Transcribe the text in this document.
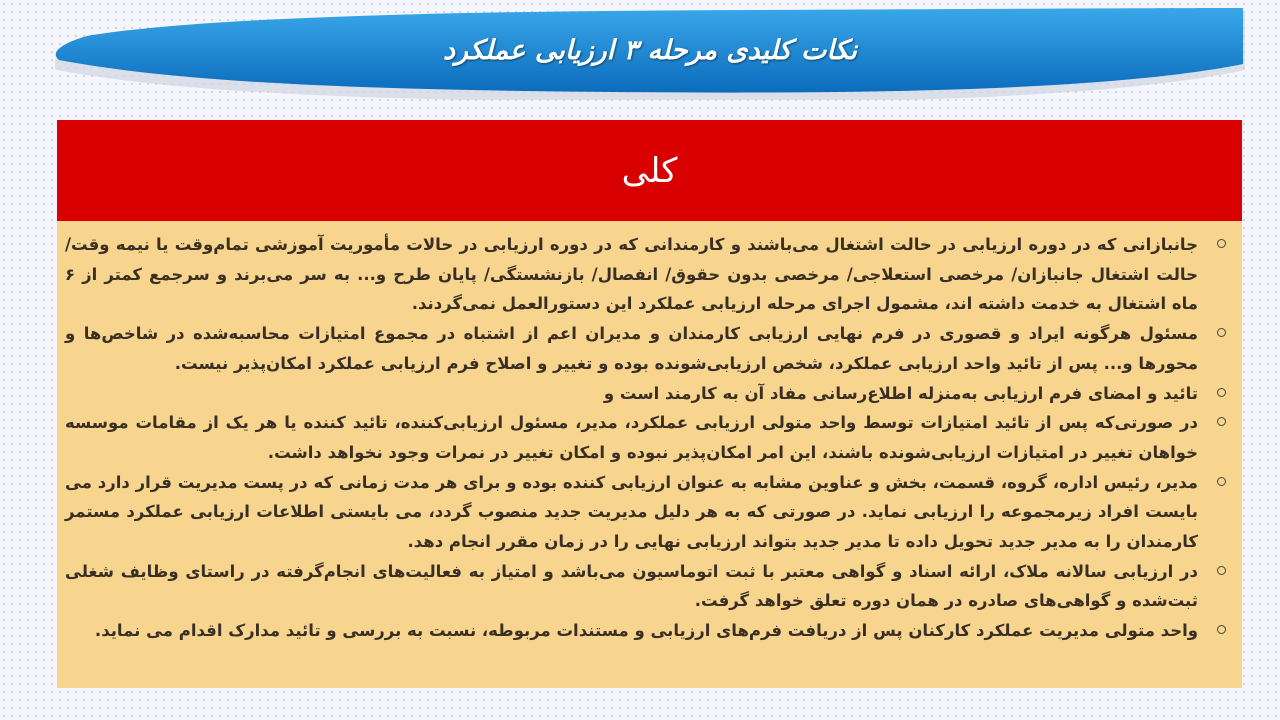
نکات کلیدی مرحله ۳ ارزیابی عملکرد
کلی
جانبازانی که در دوره ارزیابی در حالت اشتغال می‌باشند و کارمندانی که در دوره ارزیابی در حالات مأموریت آموزشی تمام‌وقت یا نیمه وقت/ حالت اشتغال جانبازان/ مرخصی استعلاجی/ مرخصی بدون حقوق/ انفصال/ بازنشستگی/ پایان طرح و... به سر می‌برند و سرجمع کمتر از ۶ ماه اشتغال به خدمت داشته اند، مشمول اجرای مرحله ارزیابی عملکرد این دستورالعمل نمی‌گردند.
مسئول هرگونه ایراد و قصوری در فرم نهایی ارزیابی کارمندان و مدیران اعم از اشتباه در مجموع امتیازات محاسبه‌شده در شاخص‌ها و محورها و... پس از تائید واحد ارزیابی عملکرد، شخص ارزیابی‌شونده بوده و تغییر و اصلاح فرم ارزیابی عملکرد امکان‌پذیر نیست.
تائید و امضای فرم ارزیابی به‌منزله اطلاع‌رسانی مفاد آن به کارمند است و
در صورتی‌که پس از تائید امتیازات توسط واحد متولی ارزیابی عملکرد، مدیر، مسئول ارزیابی‌کننده، تائید کننده یا هر یک از مقامات موسسه خواهان تغییر در امتیازات ارزیابی‌شونده باشند، این امر امکان‌پذیر نبوده و امکان تغییر در نمرات وجود نخواهد داشت.
مدیر، رئیس اداره، گروه، قسمت، بخش و عناوین مشابه به عنوان ارزیابی کننده بوده و برای هر مدت زمانی که در پست مدیریت قرار دارد می بایست افراد زیرمجموعه را ارزیابی نماید. در صورتی که به هر دلیل مدیریت جدید منصوب گردد، می بایستی اطلاعات ارزیابی عملکرد مستمر کارمندان را به مدیر جدید تحویل داده تا مدیر جدید بتواند ارزیابی نهایی را در زمان مقرر انجام دهد.
در ارزیابی سالانه ملاک، ارائه اسناد و گواهی معتبر با ثبت اتوماسیون می‌باشد و امتیاز به فعالیت‌های انجام‌گرفته در راستای وظایف شغلی ثبت‌شده و گواهی‌های صادره در همان دوره تعلق خواهد گرفت.
واحد متولی مدیریت عملکرد کارکنان پس از دریافت فرم‌های ارزیابی و مستندات مربوطه، نسبت به بررسی و تائید مدارک اقدام می نماید.
